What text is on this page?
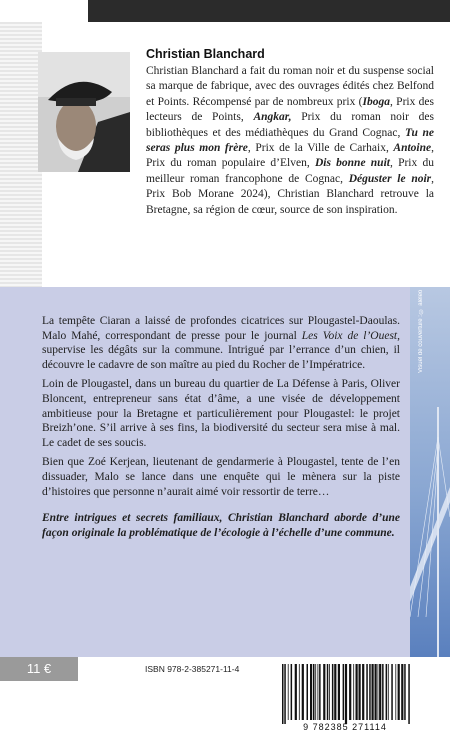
Christian Blanchard

Christian Blanchard a fait du roman noir et du suspense social sa marque de fabrique, avec des ouvrages édités chez Belfond et Points. Récompensé par de nombreux prix (Iboga, Prix des lecteurs de Points, Angkar, Prix du roman noir des bibliothèques et des médiathèques du Grand Cognac, Tu ne seras plus mon frère, Prix de la Ville de Carhaix, Antoine, Prix du roman populaire d’Elven, Dis bonne nuit, Prix du meilleur roman francophone de Cognac, Déguster le noir, Prix Bob Morane 2024), Christian Blanchard retrouve la Bretagne, sa région de cœur, source de son inspiration.

Visuel de couverture : © aleleo

La tempête Ciaran a laissé de profondes cicatrices sur Plougastel-Daoulas. Malo Mahé, correspondant de presse pour le journal Les Voix de l’Ouest, supervise les dégâts sur la commune. Intrigué par l’errance d’un chien, il découvre le cadavre de son maître au pied du Rocher de l’Impératrice.

Loin de Plougastel, dans un bureau du quartier de La Défense à Paris, Oliver Bloncent, entrepreneur sans état d’âme, a une visée de développement ambitieuse pour la Bretagne et particulièrement pour Plougastel: le projet Breizh’one. S’il arrive à ses fins, la biodiversité du secteur sera mise à mal. Le cadet de ses soucis.

Bien que Zoé Kerjean, lieutenant de gendarmerie à Plougastel, tente de l’en dissuader, Malo se lance dans une enquête qui le mènera sur la piste d’histoires que personne n’aurait aimé voir ressortir de terre…

Entre intrigues et secrets familiaux, Christian Blanchard aborde d’une façon originale la problématique de l’écologie à l’échelle d’une commune.

11 €	ISBN 978-2-385271-11-4
9 782385 271114
